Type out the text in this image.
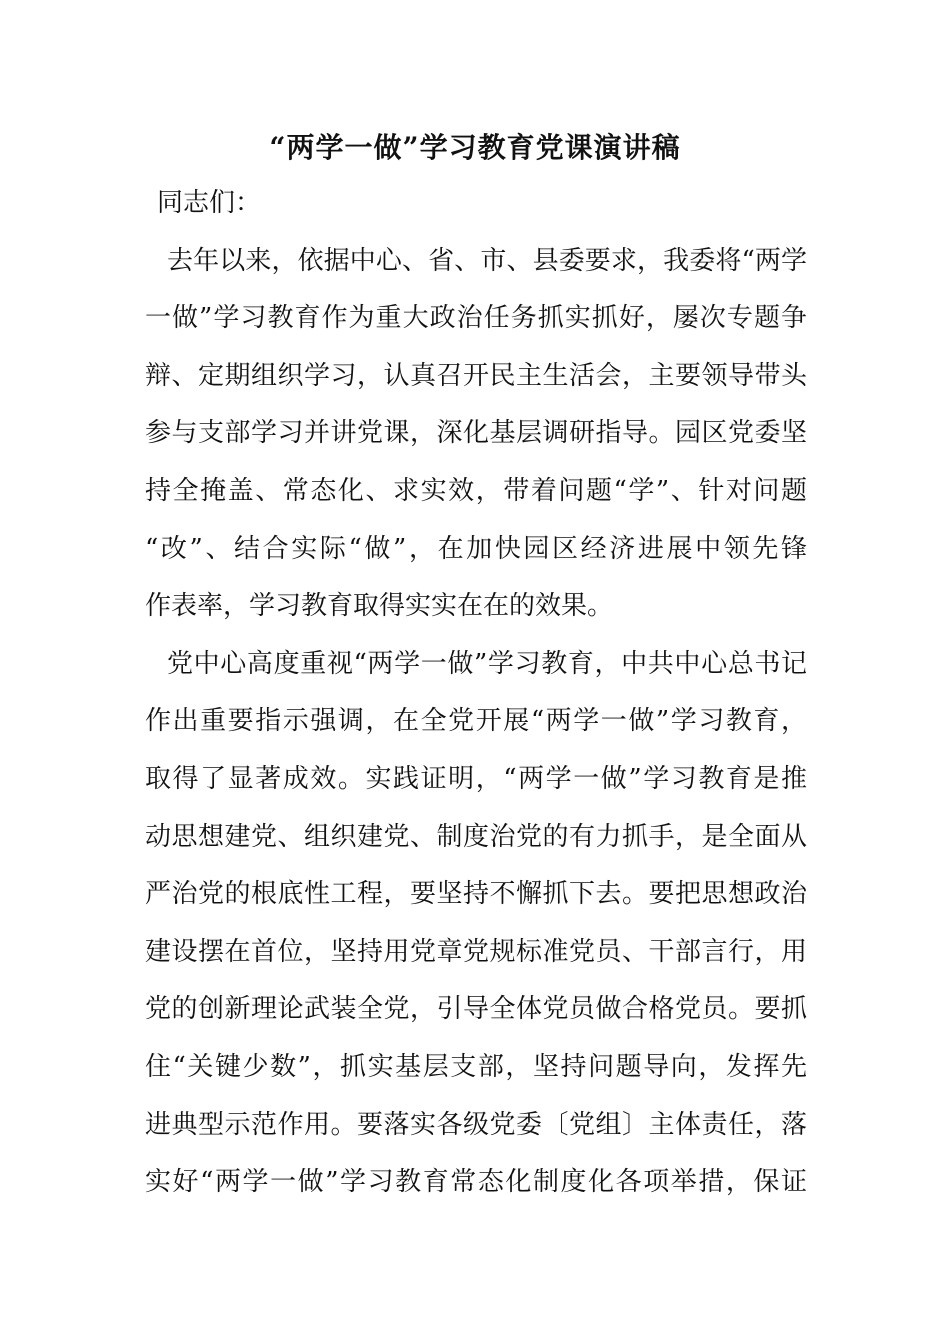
“两学一做”学习教育党课演讲稿

同志们：

去年以来，依据中心、省、市、县委要求，我委将“两学

一做”学习教育作为重大政治任务抓实抓好，屡次专题争

辩、定期组织学习，认真召开民主生活会，主要领导带头

参与支部学习并讲党课，深化基层调研指导。园区党委坚

持全掩盖、常态化、求实效，带着问题“学”、针对问题

“改”、结合实际“做”，在加快园区经济进展中领先锋

作表率，学习教育取得实实在在的效果。

党中心高度重视“两学一做”学习教育，中共中心总书记

作出重要指示强调，在全党开展“两学一做”学习教育，

取得了显著成效。实践证明，“两学一做”学习教育是推

动思想建党、组织建党、制度治党的有力抓手，是全面从

严治党的根底性工程，要坚持不懈抓下去。要把思想政治

建设摆在首位，坚持用党章党规标准党员、干部言行，用

党的创新理论武装全党，引导全体党员做合格党员。要抓

住“关键少数”，抓实基层支部，坚持问题导向，发挥先

进典型示范作用。要落实各级党委〔党组〕主体责任，落

实好“两学一做”学习教育常态化制度化各项举措，保证
